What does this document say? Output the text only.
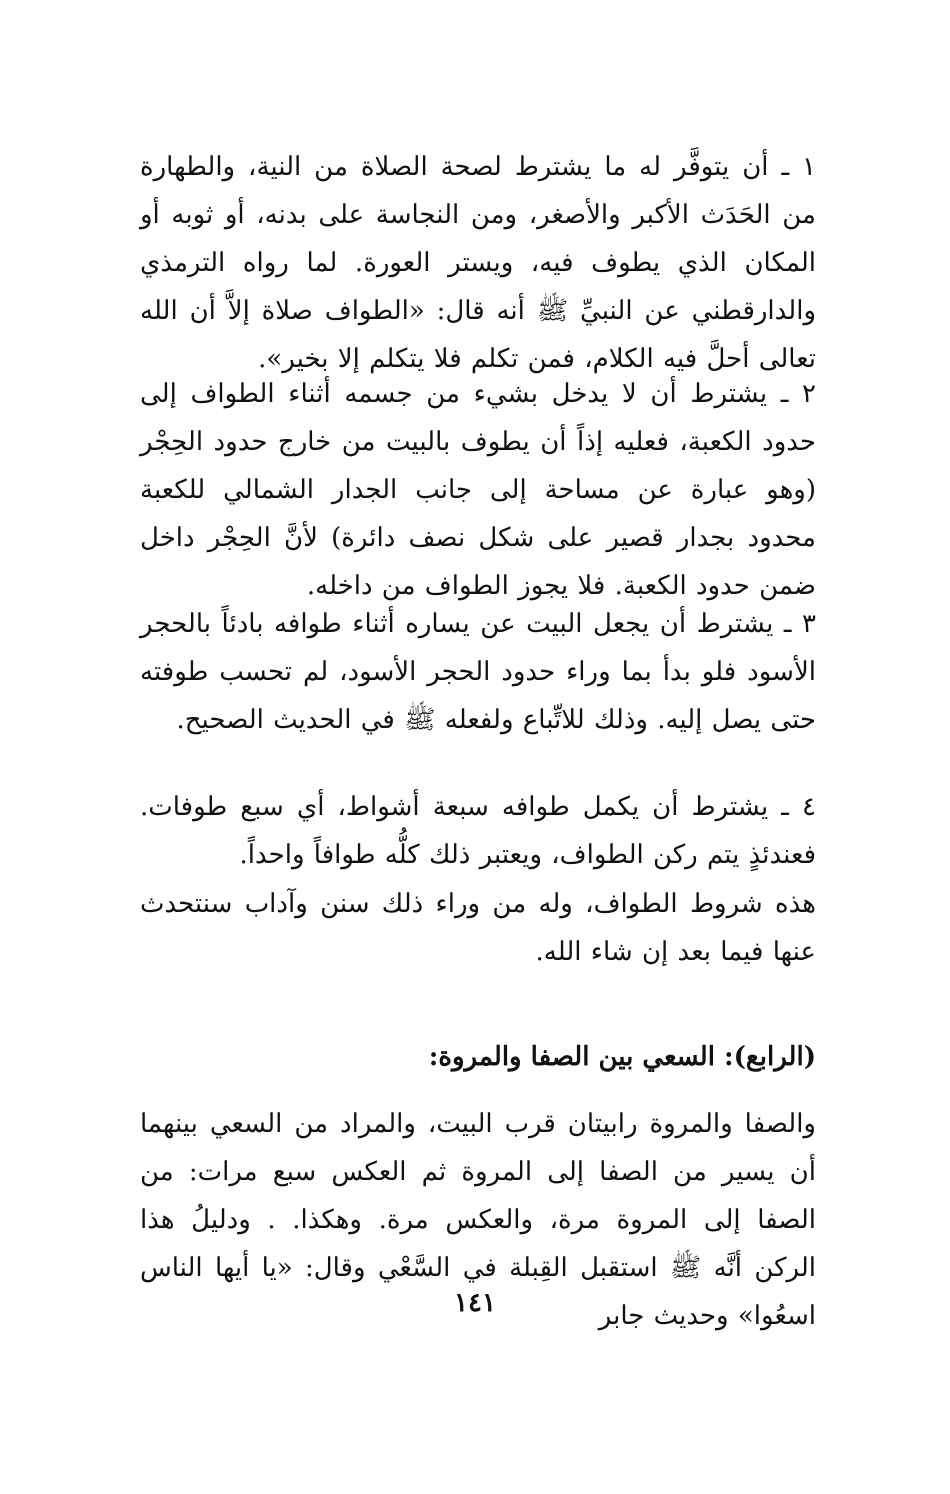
١ ـ أن يتوفَّر له ما يشترط لصحة الصلاة من النية، والطهارة من الحَدَث الأكبر والأصغر، ومن النجاسة على بدنه، أو ثوبه أو المكان الذي يطوف فيه، ويستر العورة. لما رواه الترمذي والدارقطني عن النبيِّ ﷺ أنه قال: «الطواف صلاة إلاَّ أن الله تعالى أحلَّ فيه الكلام، فمن تكلم فلا يتكلم إلا بخير».

٢ ـ يشترط أن لا يدخل بشيء من جسمه أثناء الطواف إلى حدود الكعبة، فعليه إذاً أن يطوف بالبيت من خارج حدود الحِجْر (وهو عبارة عن مساحة إلى جانب الجدار الشمالي للكعبة محدود بجدار قصير على شكل نصف دائرة) لأنَّ الحِجْر داخل ضمن حدود الكعبة. فلا يجوز الطواف من داخله.

٣ ـ يشترط أن يجعل البيت عن يساره أثناء طوافه بادئاً بالحجر الأسود فلو بدأ بما وراء حدود الحجر الأسود، لم تحسب طوفته حتى يصل إليه. وذلك للاتِّباع ولفعله ﷺ في الحديث الصحيح.

٤ ـ يشترط أن يكمل طوافه سبعة أشواط، أي سبع طوفات. فعندئذٍ يتم ركن الطواف، ويعتبر ذلك كلُّه طوافاً واحداً.

هذه شروط الطواف، وله من وراء ذلك سنن وآداب سنتحدث عنها فيما بعد إن شاء الله.

(الرابع): السعي بين الصفا والمروة:

والصفا والمروة رابيتان قرب البيت، والمراد من السعي بينهما أن يسير من الصفا إلى المروة ثم العكس سبع مرات: من الصفا إلى المروة مرة، والعكس مرة. وهكذا. . ودليلُ هذا الركن أنَّه ﷺ استقبل القِبلة في السَّعْي وقال: «يا أيها الناس اسعُوا» وحديث جابر

١٤١
